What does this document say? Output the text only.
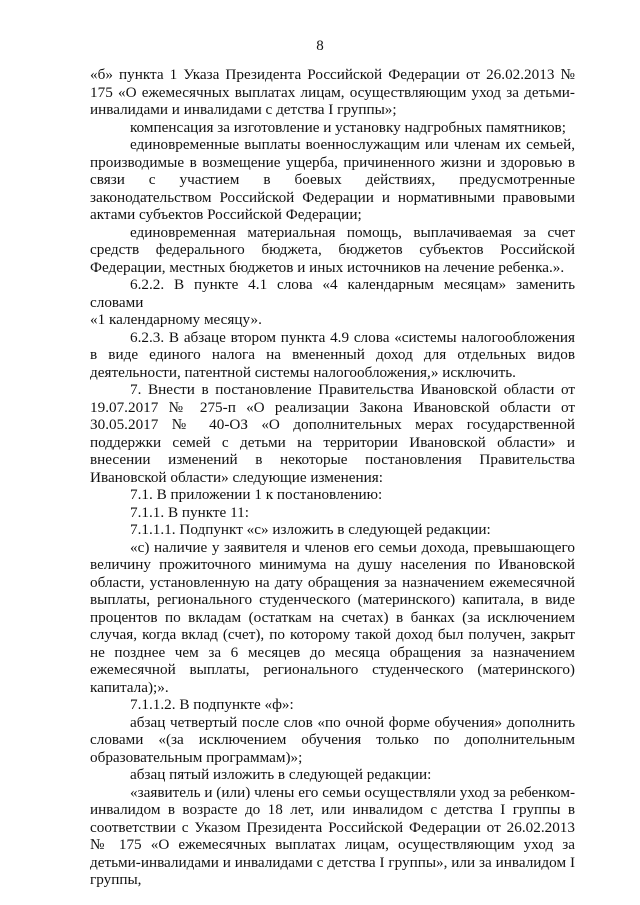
8

«б» пункта 1 Указа Президента Российской Федерации от 26.02.2013 № 175 «О ежемесячных выплатах лицам, осуществляющим уход за детьми-инвалидами и инвалидами с детства I группы»;

компенсация за изготовление и установку надгробных памятников;

единовременные выплаты военнослужащим или членам их семьей, производимые в возмещение ущерба, причиненного жизни и здоровью в связи с участием в боевых действиях, предусмотренные законодательством Российской Федерации и нормативными правовыми актами субъектов Российской Федерации;

единовременная материальная помощь, выплачиваемая за счет средств федерального бюджета, бюджетов субъектов Российской Федерации, местных бюджетов и иных источников на лечение ребенка.».

6.2.2. В пункте 4.1 слова «4 календарным месяцам» заменить словами

«1 календарному месяцу».

6.2.3. В абзаце втором пункта 4.9 слова «системы налогообложения в виде единого налога на вмененный доход для отдельных видов деятельности, патентной системы налогообложения,» исключить.

7. Внести в постановление Правительства Ивановской области от 19.07.2017 № 275-п «О реализации Закона Ивановской области от 30.05.2017 № 40-ОЗ «О дополнительных мерах государственной поддержки семей с детьми на территории Ивановской области» и внесении изменений в некоторые постановления Правительства Ивановской области» следующие изменения:

7.1. В приложении 1 к постановлению:

7.1.1. В пункте 11:

7.1.1.1. Подпункт «с» изложить в следующей редакции:

«с) наличие у заявителя и членов его семьи дохода, превышающего величину прожиточного минимума на душу населения по Ивановской области, установленную на дату обращения за назначением ежемесячной выплаты, регионального студенческого (материнского) капитала, в виде процентов по вкладам (остаткам на счетах) в банках (за исключением случая, когда вклад (счет), по которому такой доход был получен, закрыт не позднее чем за 6 месяцев до месяца обращения за назначением ежемесячной выплаты, регионального студенческого (материнского) капитала);».

7.1.1.2. В подпункте «ф»:

абзац четвертый после слов «по очной форме обучения» дополнить словами «(за исключением обучения только по дополнительным образовательным программам)»;

абзац пятый изложить в следующей редакции:

«заявитель и (или) члены его семьи осуществляли уход за ребенком-инвалидом в возрасте до 18 лет, или инвалидом с детства I группы в соответствии с Указом Президента Российской Федерации от 26.02.2013 № 175 «О ежемесячных выплатах лицам, осуществляющим уход за детьми-инвалидами и инвалидами с детства I группы», или за инвалидом I группы,
